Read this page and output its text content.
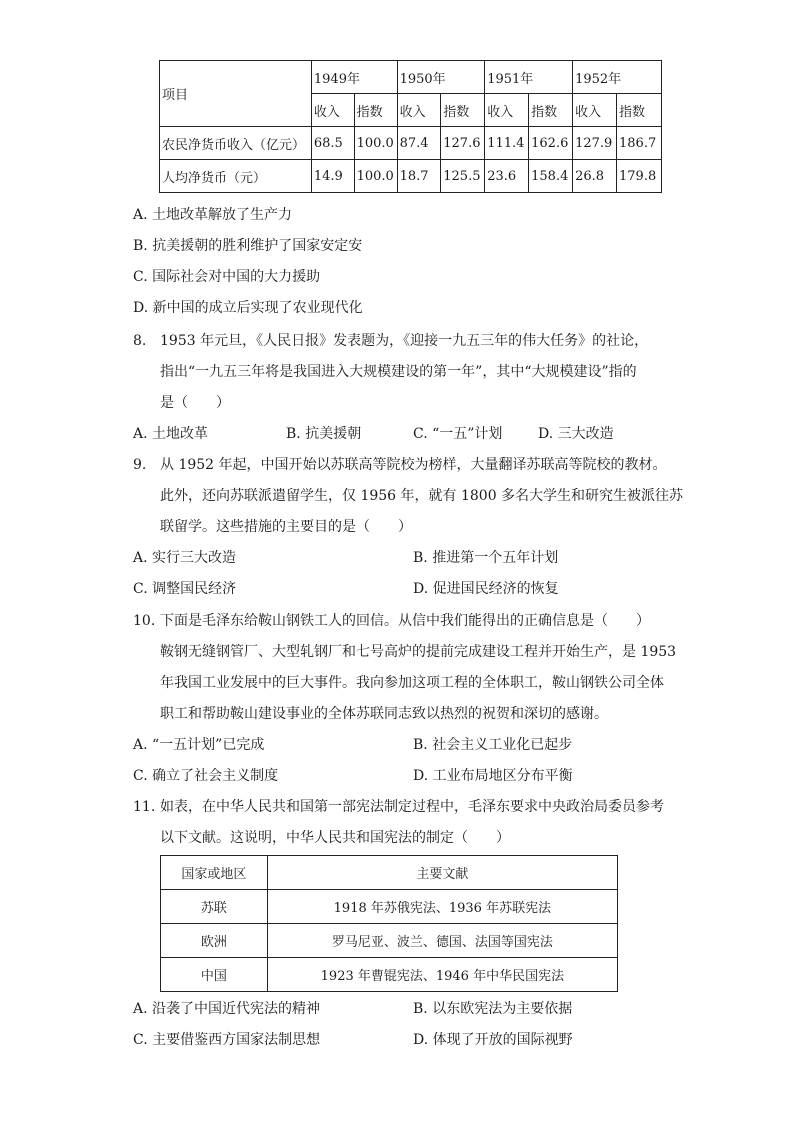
项目	1949年		1950年		1951年		1952年	
	收入	指数	收入	指数	收入	指数	收入	指数
农民净货币收入（亿元）	68.5	100.0	87.4	127.6	111.4	162.6	127.9	186.7
人均净货币（元）	14.9	100.0	18.7	125.5	23.6	158.4	26.8	179.8
A. 土地改革解放了生产力
B. 抗美援朝的胜利维护了国家安定安
C. 国际社会对中国的大力援助
D. 新中国的成立后实现了农业现代化
8. 1953 年元旦，《人民日报》发表题为，《迎接一九五三年的伟大任务》的社论，
指出“一九五三年将是我国进入大规模建设的第一年”，其中“大规模建设”指的
是（　　）
A. 土地改革	B. 抗美援朝	C. “一五”计划	D. 三大改造
9. 从 1952 年起，中国开始以苏联高等院校为榜样，大量翻译苏联高等院校的教材。
此外，还向苏联派遣留学生，仅 1956 年，就有 1800 多名大学生和研究生被派往苏
联留学。这些措施的主要目的是（　　）
A. 实行三大改造	B. 推进第一个五年计划
C. 调整国民经济	D. 促进国民经济的恢复
10. 下面是毛泽东给鞍山钢铁工人的回信。从信中我们能得出的正确信息是（　　）
鞍钢无缝钢管厂、大型轧钢厂和七号高炉的提前完成建设工程并开始生产，是 1953
年我国工业发展中的巨大事件。我向参加这项工程的全体职工，鞍山钢铁公司全体
职工和帮助鞍山建设事业的全体苏联同志致以热烈的祝贺和深切的感谢。
A. “一五计划”已完成	B. 社会主义工业化已起步
C. 确立了社会主义制度	D. 工业布局地区分布平衡
11. 如表，在中华人民共和国第一部宪法制定过程中，毛泽东要求中央政治局委员参考
以下文献。这说明，中华人民共和国宪法的制定（　　）
国家或地区	主要文献
苏联	1918 年苏俄宪法、1936 年苏联宪法
欧洲	罗马尼亚、波兰、德国、法国等国宪法
中国	1923 年曹锟宪法、1946 年中华民国宪法
A. 沿袭了中国近代宪法的精神	B. 以东欧宪法为主要依据
C. 主要借鉴西方国家法制思想	D. 体现了开放的国际视野
